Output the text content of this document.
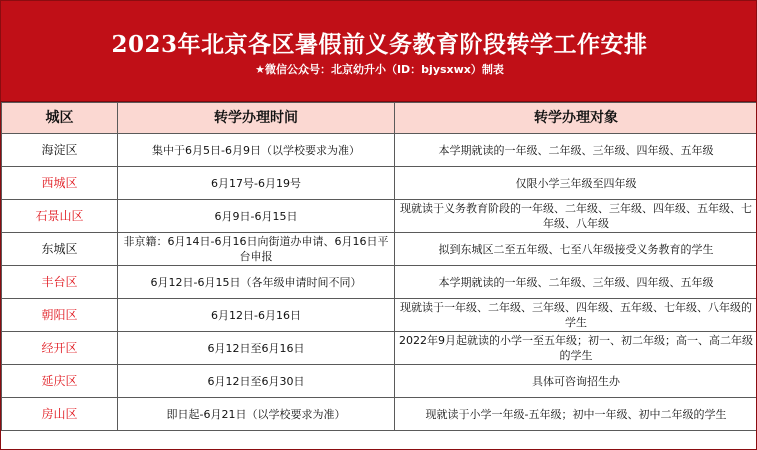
2023年北京各区暑假前义务教育阶段转学工作安排
★微信公众号：北京幼升小（ID：bjysxwx）制表
城区	转学办理时间	转学办理对象
海淀区	集中于6月5日-6月9日（以学校要求为准）	本学期就读的一年级、二年级、三年级、四年级、五年级
西城区	6月17号-6月19号	仅限小学三年级至四年级
石景山区	6月9日-6月15日	现就读于义务教育阶段的一年级、二年级、三年级、四年级、五年级、七年级、八年级
东城区	非京籍：6月14日-6月16日向街道办申请、6月16日平台申报	拟到东城区二至五年级、七至八年级接受义务教育的学生
丰台区	6月12日-6月15日（各年级申请时间不同）	本学期就读的一年级、二年级、三年级、四年级、五年级
朝阳区	6月12日-6月16日	现就读于一年级、二年级、三年级、四年级、五年级、七年级、八年级的学生
经开区	6月12日至6月16日	2022年9月起就读的小学一至五年级；初一、初二年级；高一、高二年级的学生
延庆区	6月12日至6月30日	具体可咨询招生办
房山区	即日起-6月21日（以学校要求为准）	现就读于小学一年级-五年级；初中一年级、初中二年级的学生
